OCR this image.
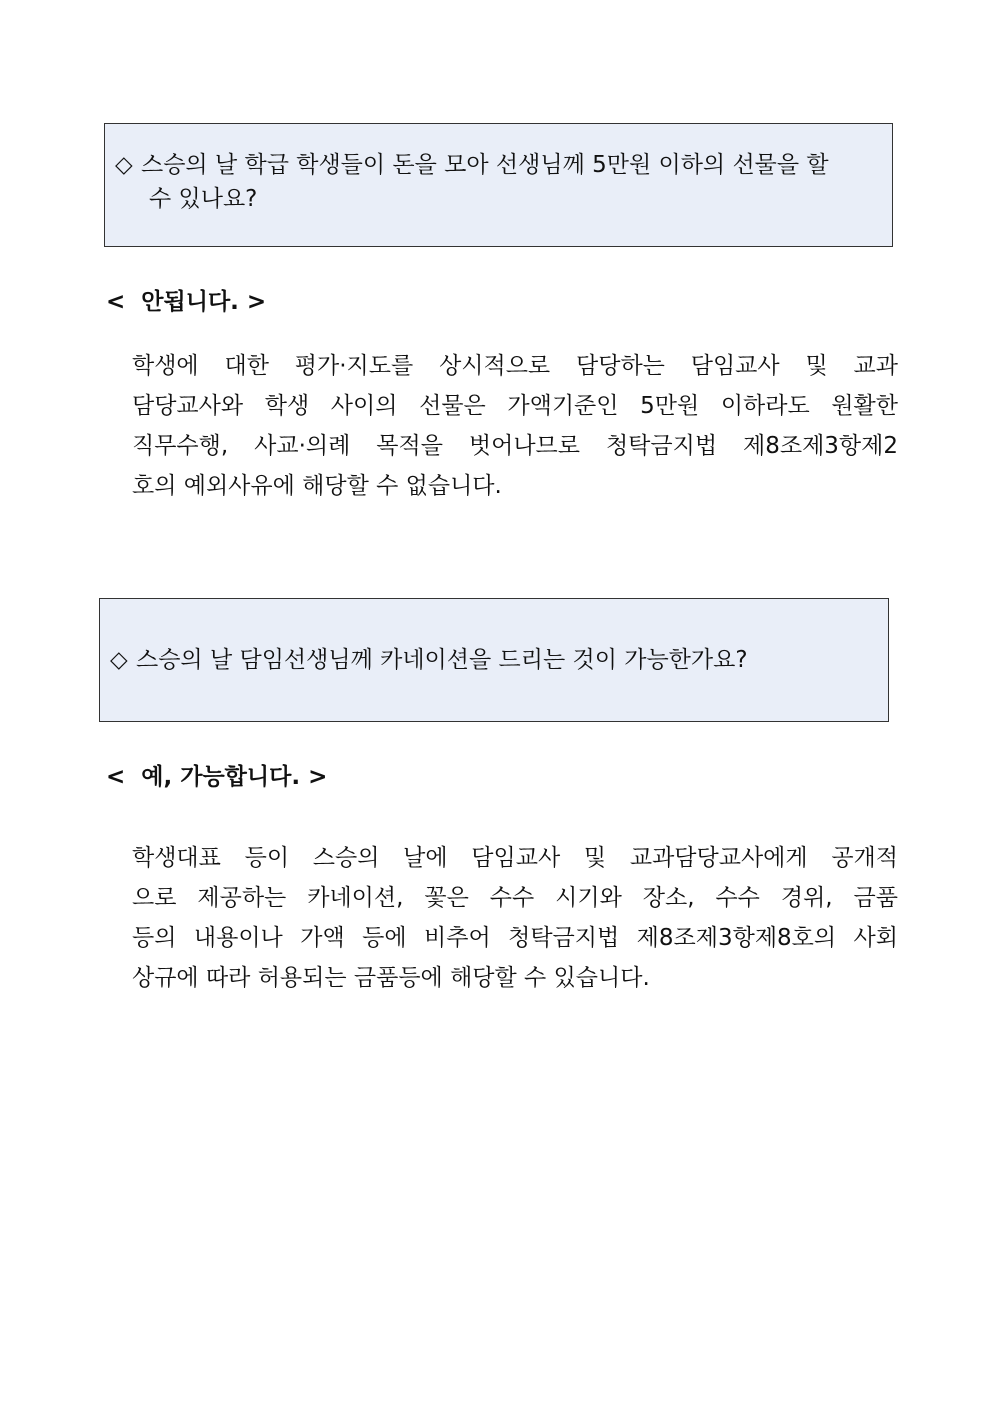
◇ 스승의 날 학급 학생들이 돈을 모아 선생님께 5만원 이하의 선물을 할
수 있나요?
<  안됩니다. >
학생에 대한 평가·지도를 상시적으로 담당하는 담임교사 및 교과
담당교사와 학생 사이의 선물은 가액기준인 5만원 이하라도 원활한
직무수행, 사교·의례 목적을 벗어나므로 청탁금지법 제8조제3항제2
호의 예외사유에 해당할 수 없습니다.
◇ 스승의 날 담임선생님께 카네이션을 드리는 것이 가능한가요?
<  예, 가능합니다. >
학생대표 등이 스승의 날에 담임교사 및 교과담당교사에게 공개적
으로 제공하는 카네이션, 꽃은 수수 시기와 장소, 수수 경위, 금품
등의 내용이나 가액 등에 비추어 청탁금지법 제8조제3항제8호의 사회
상규에 따라 허용되는 금품등에 해당할 수 있습니다.
